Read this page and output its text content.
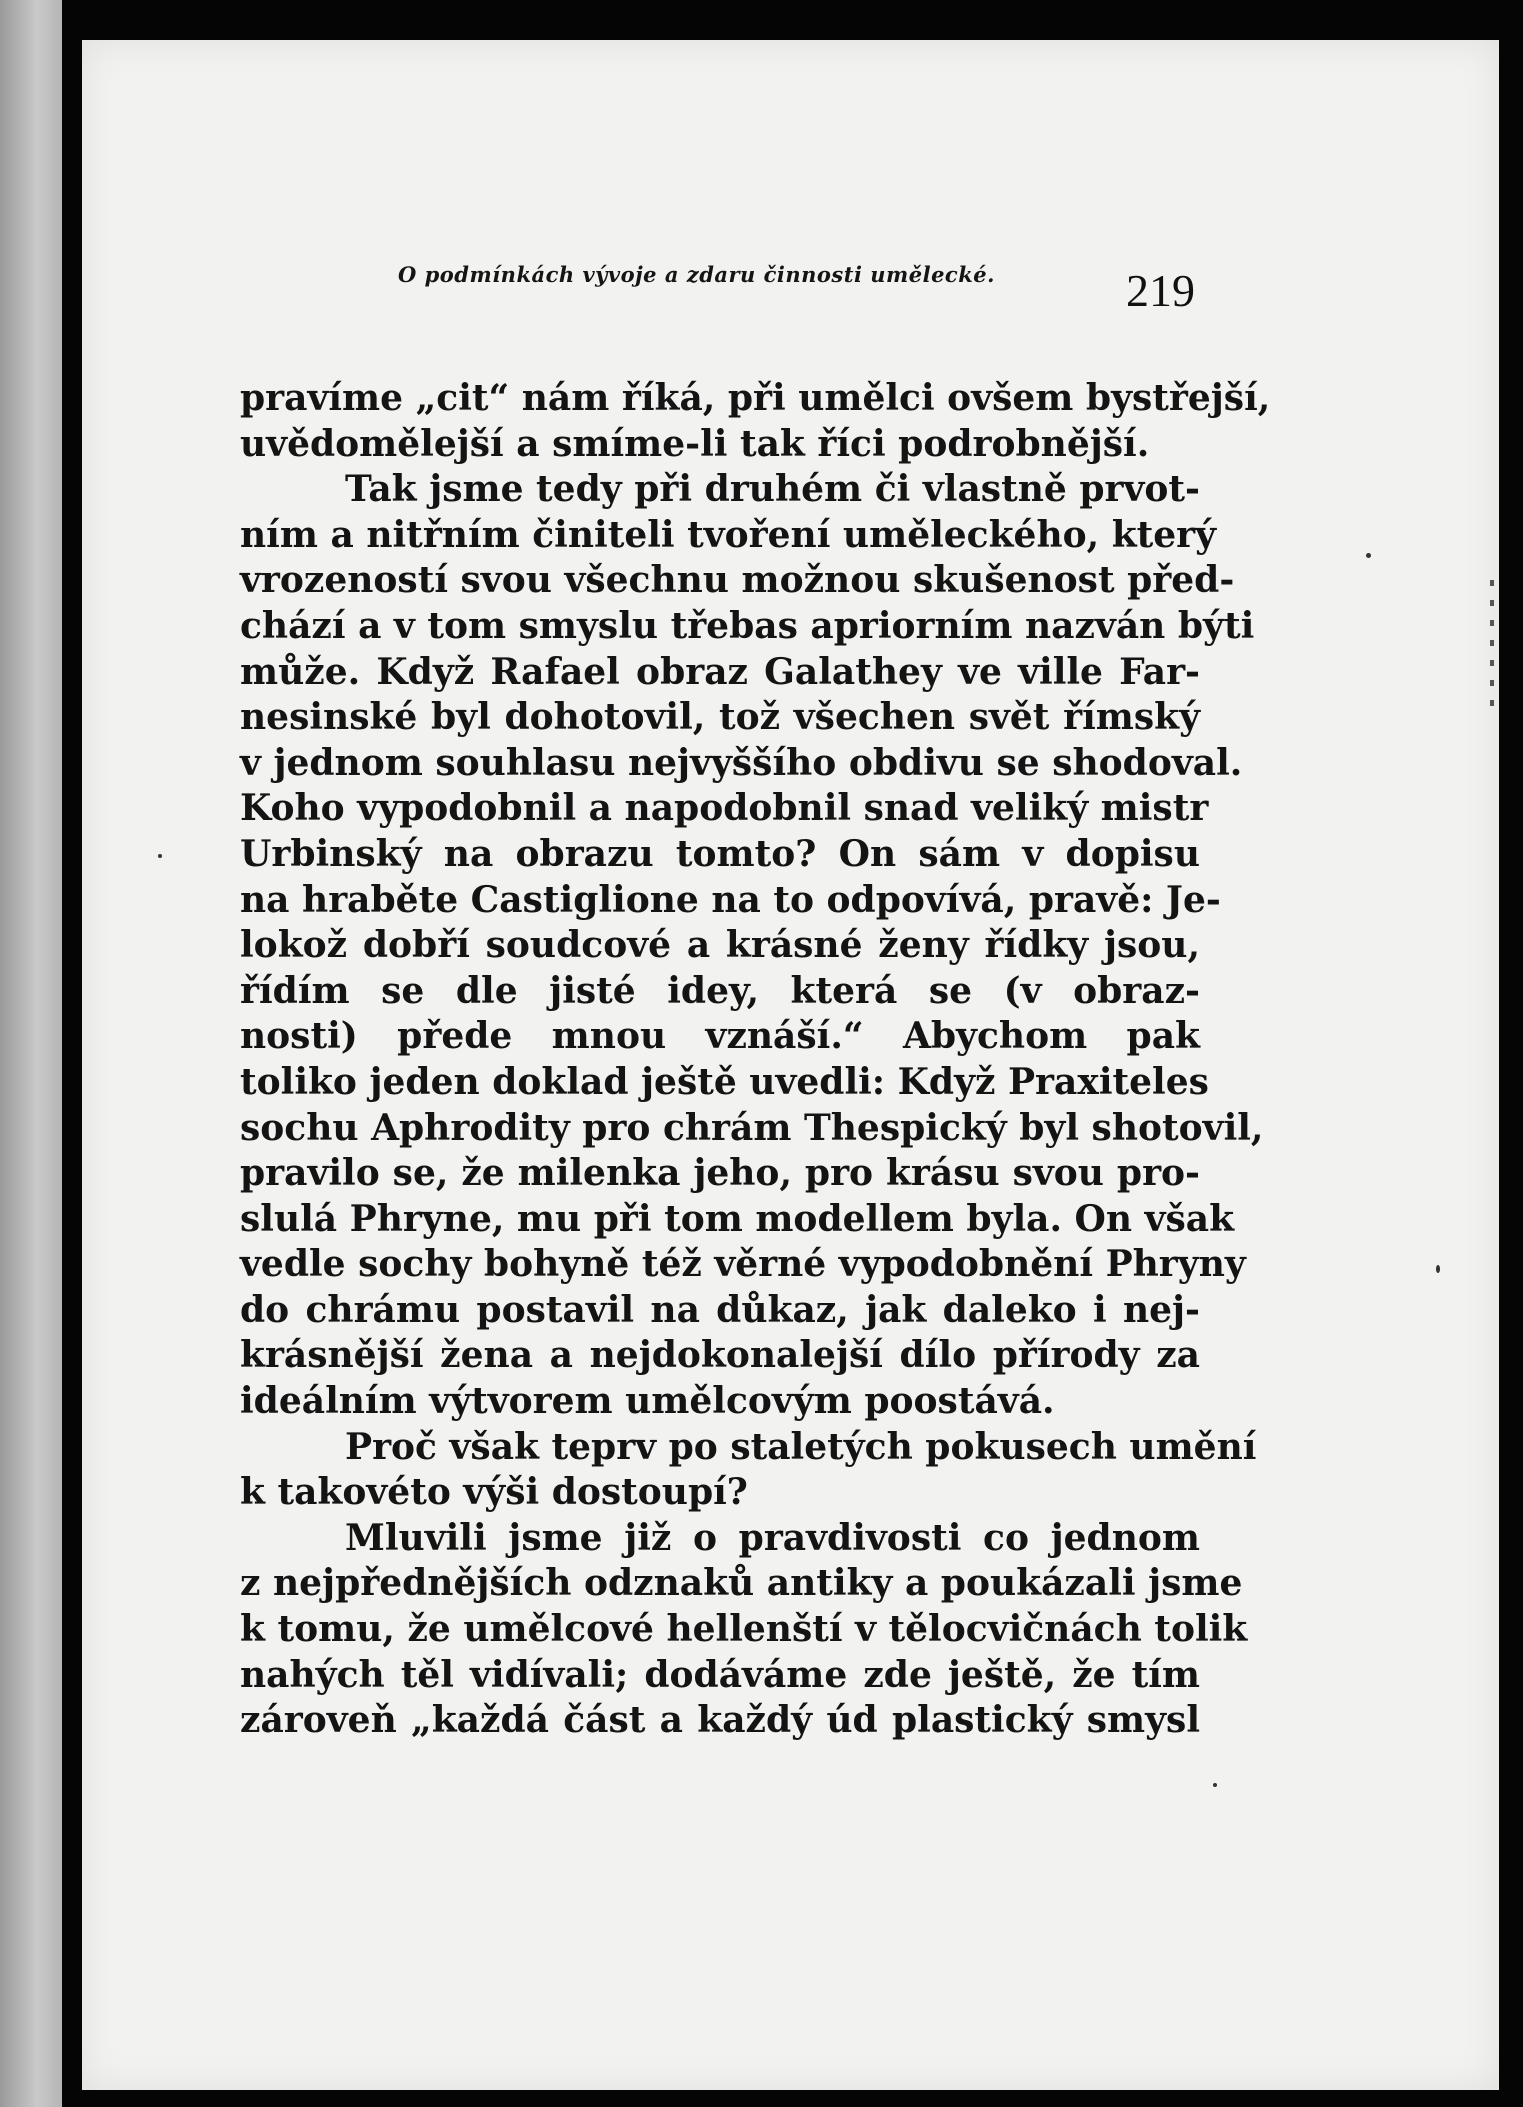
O podmínkách vývoje a zdaru činnosti umělecké.	219
pravíme „cit“ nám říká, při umělci ovšem bystřejší,
uvědomělejší a smíme-li tak říci podrobnější.
Tak jsme tedy při druhém či vlastně prvot-
ním a nitřním činiteli tvoření uměleckého, který
vrozeností svou všechnu možnou skušenost před-
chází a v tom smyslu třebas apriorním nazván býti
může. Když Rafael obraz Galathey ve ville Far-
nesinské byl dohotovil, tož všechen svět římský
v jednom souhlasu nejvyššího obdivu se shodoval.
Koho vypodobnil a napodobnil snad veliký mistr
Urbinský na obrazu tomto? On sám v dopisu
na hraběte Castiglione na to odpovívá, pravě: Je-
lokož dobří soudcové a krásné ženy řídky jsou,
řídím se dle jisté idey, která se (v obraz-
nosti) přede mnou vznáší.“ Abychom pak
toliko jeden doklad ještě uvedli: Když Praxiteles
sochu Aphrodity pro chrám Thespický byl shotovil,
pravilo se, že milenka jeho, pro krásu svou pro-
slulá Phryne, mu při tom modellem byla. On však
vedle sochy bohyně též věrné vypodobnění Phryny
do chrámu postavil na důkaz, jak daleko i nej-
krásnější žena a nejdokonalejší dílo přírody za
ideálním výtvorem umělcovým poostává.
Proč však teprv po staletých pokusech umění
k takovéto výši dostoupí?
Mluvili jsme již o pravdivosti co jednom
z nejpřednějších odznaků antiky a poukázali jsme
k tomu, že umělcové hellenští v tělocvičnách tolik
nahých těl vidívali; dodáváme zde ještě, že tím
zároveň „každá část a každý úd plastický smysl
